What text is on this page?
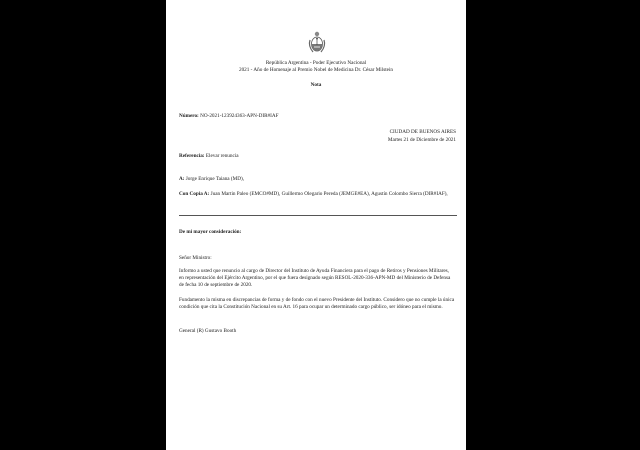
República Argentina - Poder Ejecutivo Nacional
2021 - Año de Homenaje al Premio Nobel de Medicina Dr. César Milstein
Nota
Número: NO-2021-123924363-APN-DIR#IAF
CIUDAD DE BUENOS AIRES
Martes 21 de Diciembre de 2021
Referencia: Elevar renuncia
A: Jorge Enrique Taiana (MD),
Con Copia A: Juan Martin Paleo (EMCO#MD), Guillermo Olegario Pereda (JEMGE#EA), Agustín Colombo Sierra (DIR#IAF),
De mi mayor consideración:
Señor Ministro:
Informo a usted que renuncio al cargo de Director del Instituto de Ayuda Financiera para el pago de Retiros y Pensiones Militares, en representación del Ejército Argentino, por el que fuera designado según RESOL-2020-336-APN-MD del Ministerio de Defensa de fecha 10 de septiembre de 2020.
Fundamento la misma en discrepancias de forma y de fondo con el nuevo Presidente del Instituto. Considero que no cumple la única condición que cita la Constitución Nacional en su Art. 16 para ocupar un determinado cargo público, ser idóneo para el mismo.
General (R) Gustavo Booth
